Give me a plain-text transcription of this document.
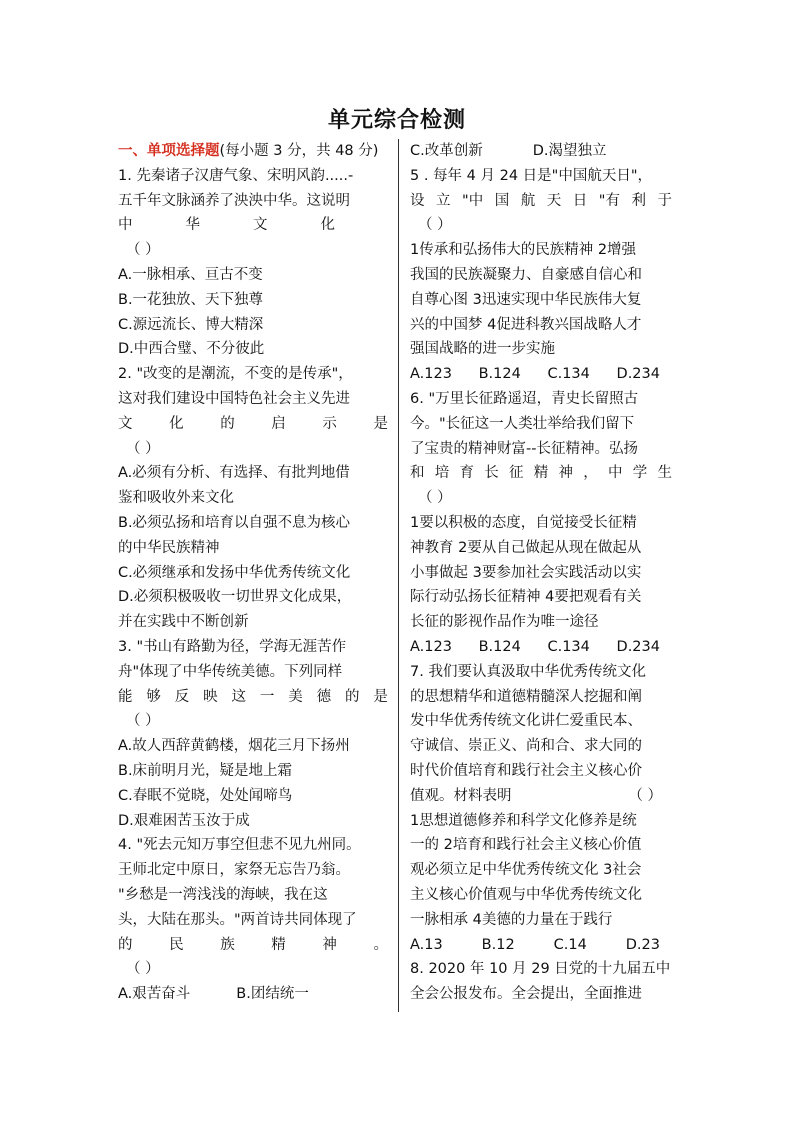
单元综合检测
一、单项选择题(每小题 3 分，共 48 分)
1. 先秦诸子汉唐气象、宋明风韵.....-
五千年文脉涵养了泱泱中华。这说明
中	华	文	化
（ ）
A.一脉相承、亘古不变
B.一花独放、天下独尊
C.源远流长、博大精深
D.中西合璧、不分彼此
2. "改变的是潮流，不变的是传承"，
这对我们建设中国特色社会主义先进
文	化	的	启	示	是
（ ）
A.必须有分析、有选择、有批判地借
鉴和吸收外来文化
B.必须弘扬和培育以自强不息为核心
的中华民族精神
C.必须继承和发扬中华优秀传统文化
D.必须积极吸收一切世界文化成果，
并在实践中不断创新
3. "书山有路勤为径，学海无涯苦作
舟"体现了中华传统美德。下列同样
能 够 反 映 这 一 美 德 的 是
（ ）
A.故人西辞黄鹤楼，烟花三月下扬州
B.床前明月光，疑是地上霜
C.春眠不觉晓，处处闻啼鸟
D.艰难困苦玉汝于成
4. "死去元知万事空但悲不见九州同。
王师北定中原日，家祭无忘告乃翁。
"乡愁是一湾浅浅的海峡，我在这
头，大陆在那头。"两首诗共同体现了
的	民	族	精	神	。
（ ）
A.艰苦奋斗	B.团结统一
C.改革创新	D.渴望独立
5 . 每年 4 月 24 日是"中国航天日"，
设 立 "中 国 航 天 日 "有 利 于
（ ）
1传承和弘扬伟大的民族精神 2增强
我国的民族凝聚力、自豪感自信心和
自尊心图 3迅速实现中华民族伟大复
兴的中国梦 4促进科教兴国战略人才
强国战略的进一步实施
A.123 B.124 C.134 D.234
6. "万里长征路遥迢，青史长留照古
今。"长征这一人类壮举给我们留下
了宝贵的精神财富--长征精神。弘扬
和 培 育 长 征 精 神 ， 中 学 生
（ ）
1要以积极的态度，自觉接受长征精
神教育 2要从自己做起从现在做起从
小事做起 3要参加社会实践活动以实
际行动弘扬长征精神 4要把观看有关
长征的影视作品作为唯一途径
A.123 B.124 C.134 D.234
7. 我们要认真汲取中华优秀传统文化
的思想精华和道德精髓深人挖掘和阐
发中华优秀传统文化讲仁爱重民本、
守诚信、崇正义、尚和合、求大同的
时代价值培育和践行社会主义核心价
值观。材料表明	（ ）
1思想道德修养和科学文化修养是统
一的 2培育和践行社会主义核心价值
观必须立足中华优秀传统文化 3社会
主义核心价值观与中华优秀传统文化
一脉相承 4美德的力量在于践行
A.13	B.12	C.14	D.23
8. 2020 年 10 月 29 日党的十九届五中
全会公报发布。全会提出，全面推进
